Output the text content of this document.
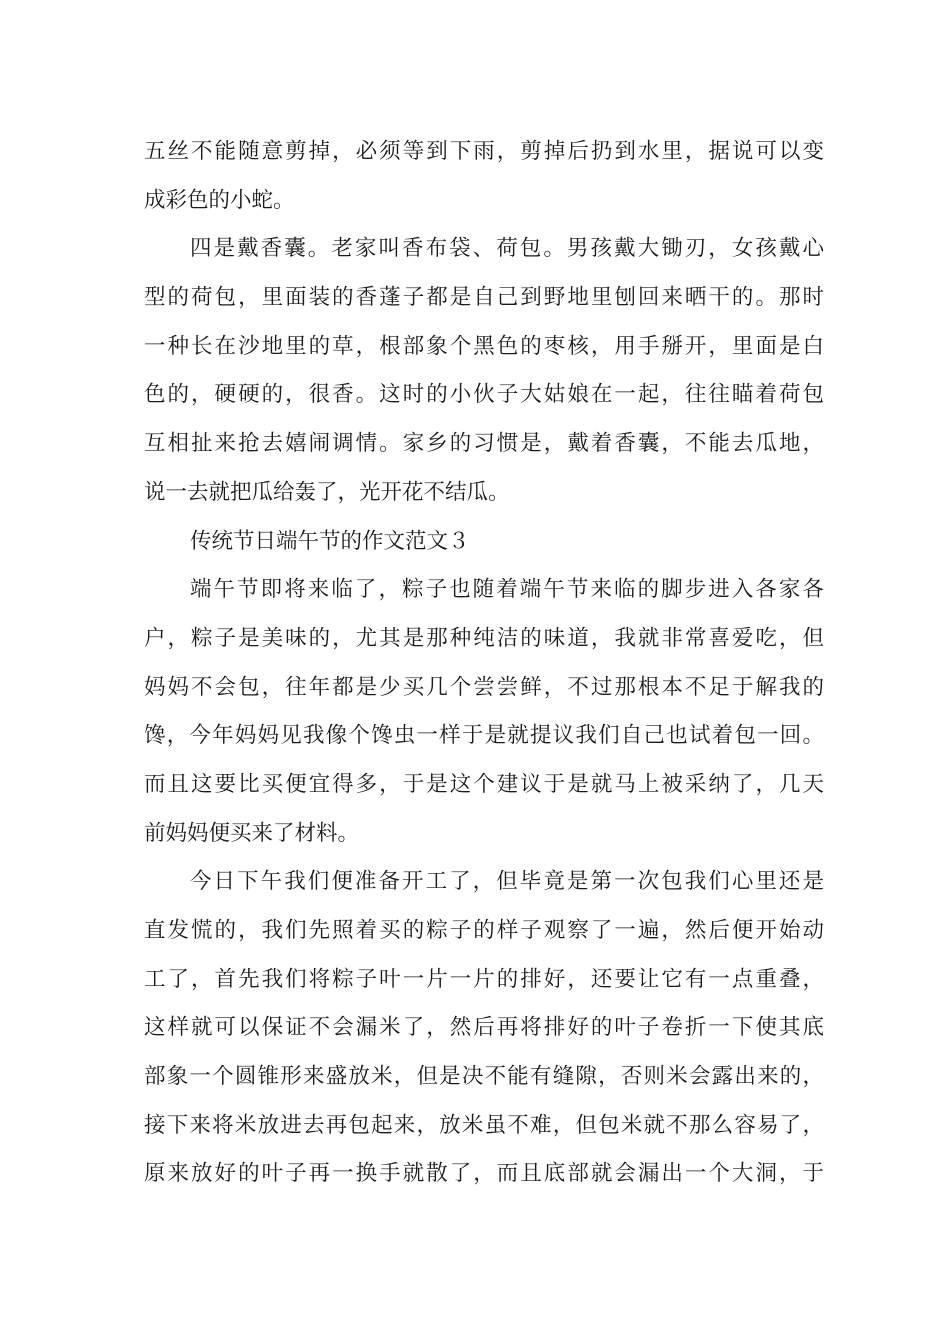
五丝不能随意剪掉，必须等到下雨，剪掉后扔到水里，据说可以变
成彩色的小蛇。
四是戴香囊。老家叫香布袋、荷包。男孩戴大锄刃，女孩戴心
型的荷包，里面装的香蓬子都是自己到野地里刨回来晒干的。那时
一种长在沙地里的草，根部象个黑色的枣核，用手掰开，里面是白
色的，硬硬的，很香。这时的小伙子大姑娘在一起，往往瞄着荷包
互相扯来抢去嬉闹调情。家乡的习惯是，戴着香囊，不能去瓜地，
说一去就把瓜给轰了，光开花不结瓜。
传统节日端午节的作文范文３
端午节即将来临了，粽子也随着端午节来临的脚步进入各家各
户，粽子是美味的，尤其是那种纯洁的味道，我就非常喜爱吃，但
妈妈不会包，往年都是少买几个尝尝鲜，不过那根本不足于解我的
馋，今年妈妈见我像个馋虫一样于是就提议我们自己也试着包一回。
而且这要比买便宜得多，于是这个建议于是就马上被采纳了，几天
前妈妈便买来了材料。
今日下午我们便准备开工了，但毕竟是第一次包我们心里还是
直发慌的，我们先照着买的粽子的样子观察了一遍，然后便开始动
工了，首先我们将粽子叶一片一片的排好，还要让它有一点重叠，
这样就可以保证不会漏米了，然后再将排好的叶子卷折一下使其底
部象一个圆锥形来盛放米，但是决不能有缝隙，否则米会露出来的，
接下来将米放进去再包起来，放米虽不难，但包米就不那么容易了，
原来放好的叶子再一换手就散了，而且底部就会漏出一个大洞，于
